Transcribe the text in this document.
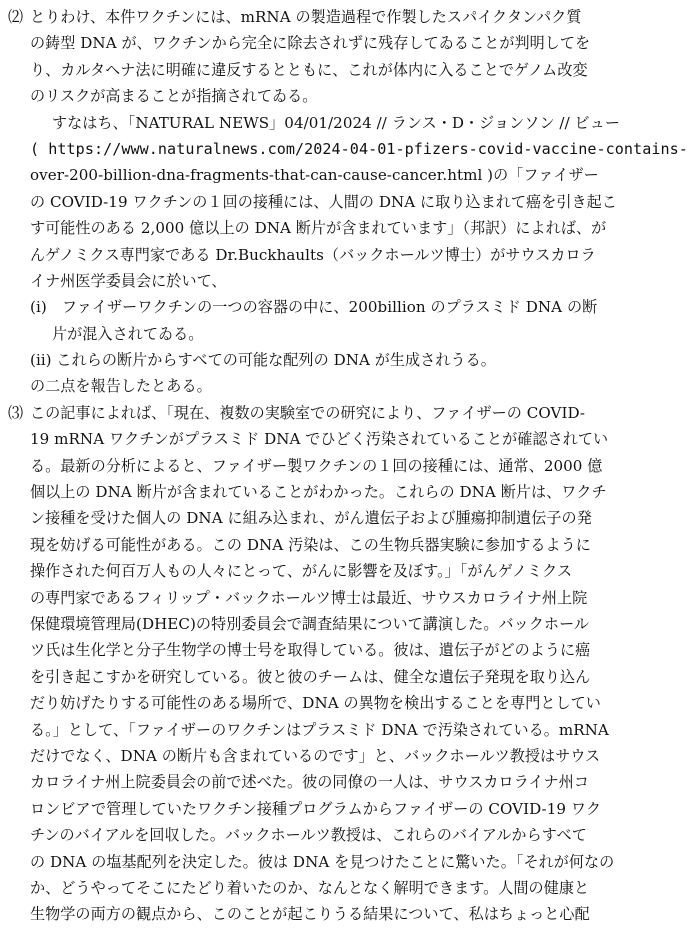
⑵ とりわけ、本件ワクチンには、mRNA の製造過程で作製したスパイクタンパク質
の鋳型 DNA が、ワクチンから完全に除去されずに残存してゐることが判明してを
り、カルタヘナ法に明確に違反するとともに、これが体内に入ることでゲノム改変
のリスクが高まることが指摘されてゐる。
すなはち、「NATURAL NEWS」04/01/2024 // ランス・D・ジョンソン // ビュー
( https://www.naturalnews.com/2024-04-01-pfizers-covid-vaccine-contains-
over-200-billion-dna-fragments-that-can-cause-cancer.html )の「ファイザー
の COVID-19 ワクチンの１回の接種には、人間の DNA に取り込まれて癌を引き起こ
す可能性のある 2,000 億以上の DNA 断片が含まれています」（邦訳）によれば、が
んゲノミクス専門家である Dr.Buckhaults（バックホールツ博士）がサウスカロラ
イナ州医学委員会に於いて、
(i)　ファイザーワクチンの一つの容器の中に、200billion のプラスミド DNA の断
片が混入されてゐる。
(ⅱ) これらの断片からすべての可能な配列の DNA が生成されうる。
の二点を報告したとある。
⑶ この記事によれば、「現在、複数の実験室での研究により、ファイザーの COVID-
19 mRNA ワクチンがプラスミド DNA でひどく汚染されていることが確認されてい
る。最新の分析によると、ファイザー製ワクチンの１回の接種には、通常、2000 億
個以上の DNA 断片が含まれていることがわかった。これらの DNA 断片は、ワクチ
ン接種を受けた個人の DNA に組み込まれ、がん遺伝子および腫瘍抑制遺伝子の発
現を妨げる可能性がある。この DNA 汚染は、この生物兵器実験に参加するように
操作された何百万人もの人々にとって、がんに影響を及ぼす。」「がんゲノミクス
の専門家であるフィリップ・バックホールツ博士は最近、サウスカロライナ州上院
保健環境管理局(DHEC)の特別委員会で調査結果について講演した。バックホール
ツ氏は生化学と分子生物学の博士号を取得している。彼は、遺伝子がどのように癌
を引き起こすかを研究している。彼と彼のチームは、健全な遺伝子発現を取り込ん
だり妨げたりする可能性のある場所で、DNA の異物を検出することを専門としてい
る。」として、「ファイザーのワクチンはプラスミド DNA で汚染されている。mRNA
だけでなく、DNA の断片も含まれているのです」と、バックホールツ教授はサウス
カロライナ州上院委員会の前で述べた。彼の同僚の一人は、サウスカロライナ州コ
ロンビアで管理していたワクチン接種プログラムからファイザーの COVID-19 ワク
チンのバイアルを回収した。バックホールツ教授は、これらのバイアルからすべて
の DNA の塩基配列を決定した。彼は DNA を見つけたことに驚いた。「それが何なの
か、どうやってそこにたどり着いたのか、なんとなく解明できます。人間の健康と
生物学の両方の観点から、このことが起こりうる結果について、私はちょっと心配
